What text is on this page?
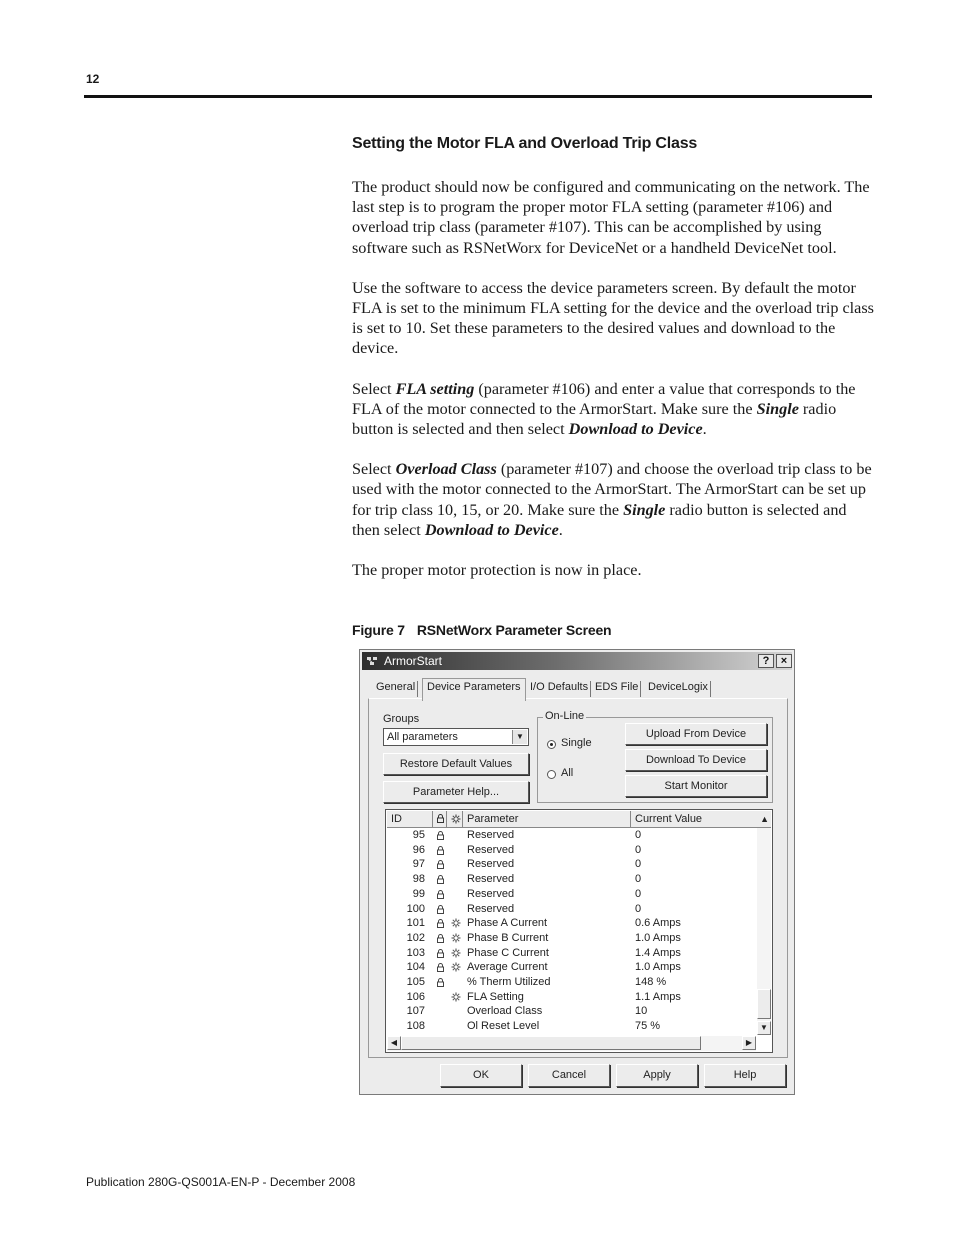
12
Setting the Motor FLA and Overload Trip Class

The product should now be configured and communicating on the network. The last step is to program the proper motor FLA setting (parameter #106) and overload trip class (parameter #107). This can be accomplished by using software such as RSNetWorx for DeviceNet or a handheld DeviceNet tool.

Use the software to access the device parameters screen. By default the motor FLA is set to the minimum FLA setting for the device and the overload trip class is set to 10. Set these parameters to the desired values and download to the device.

Select FLA setting (parameter #106) and enter a value that corresponds to the FLA of the motor connected to the ArmorStart. Make sure the Single radio button is selected and then select Download to Device.

Select Overload Class (parameter #107) and choose the overload trip class to be used with the motor connected to the ArmorStart. The ArmorStart can be set up for trip class 10, 15, or 20. Make sure the Single radio button is selected and then select Download to Device.

The proper motor protection is now in place.

Figure 7 RSNetWorx Parameter Screen
ArmorStart	?	×
General	Device Parameters I/O Defaults EDS File DeviceLogix
Groups
All parameters	▼
Restore Default Values
Parameter Help...
On-Line
Single
All
Upload From Device
Download To Device
Start Monitor
ID	Parameter	Current Value	▲
95	Reserved	0
96	Reserved	0
97	Reserved	0
98	Reserved	0
99	Reserved	0
100	Reserved	0
101	Phase A Current	0.6 Amps
102	Phase B Current	1.0 Amps
103	Phase C Current	1.4 Amps
104	Average Current	1.0 Amps
105	% Therm Utilized	148 %
106	FLA Setting	1.1 Amps
107	Overload Class	10
108	Ol Reset Level	75 %	▼
◀	▶
OK	Cancel	Apply	Help
Publication 280G-QS001A-EN-P - December 2008
